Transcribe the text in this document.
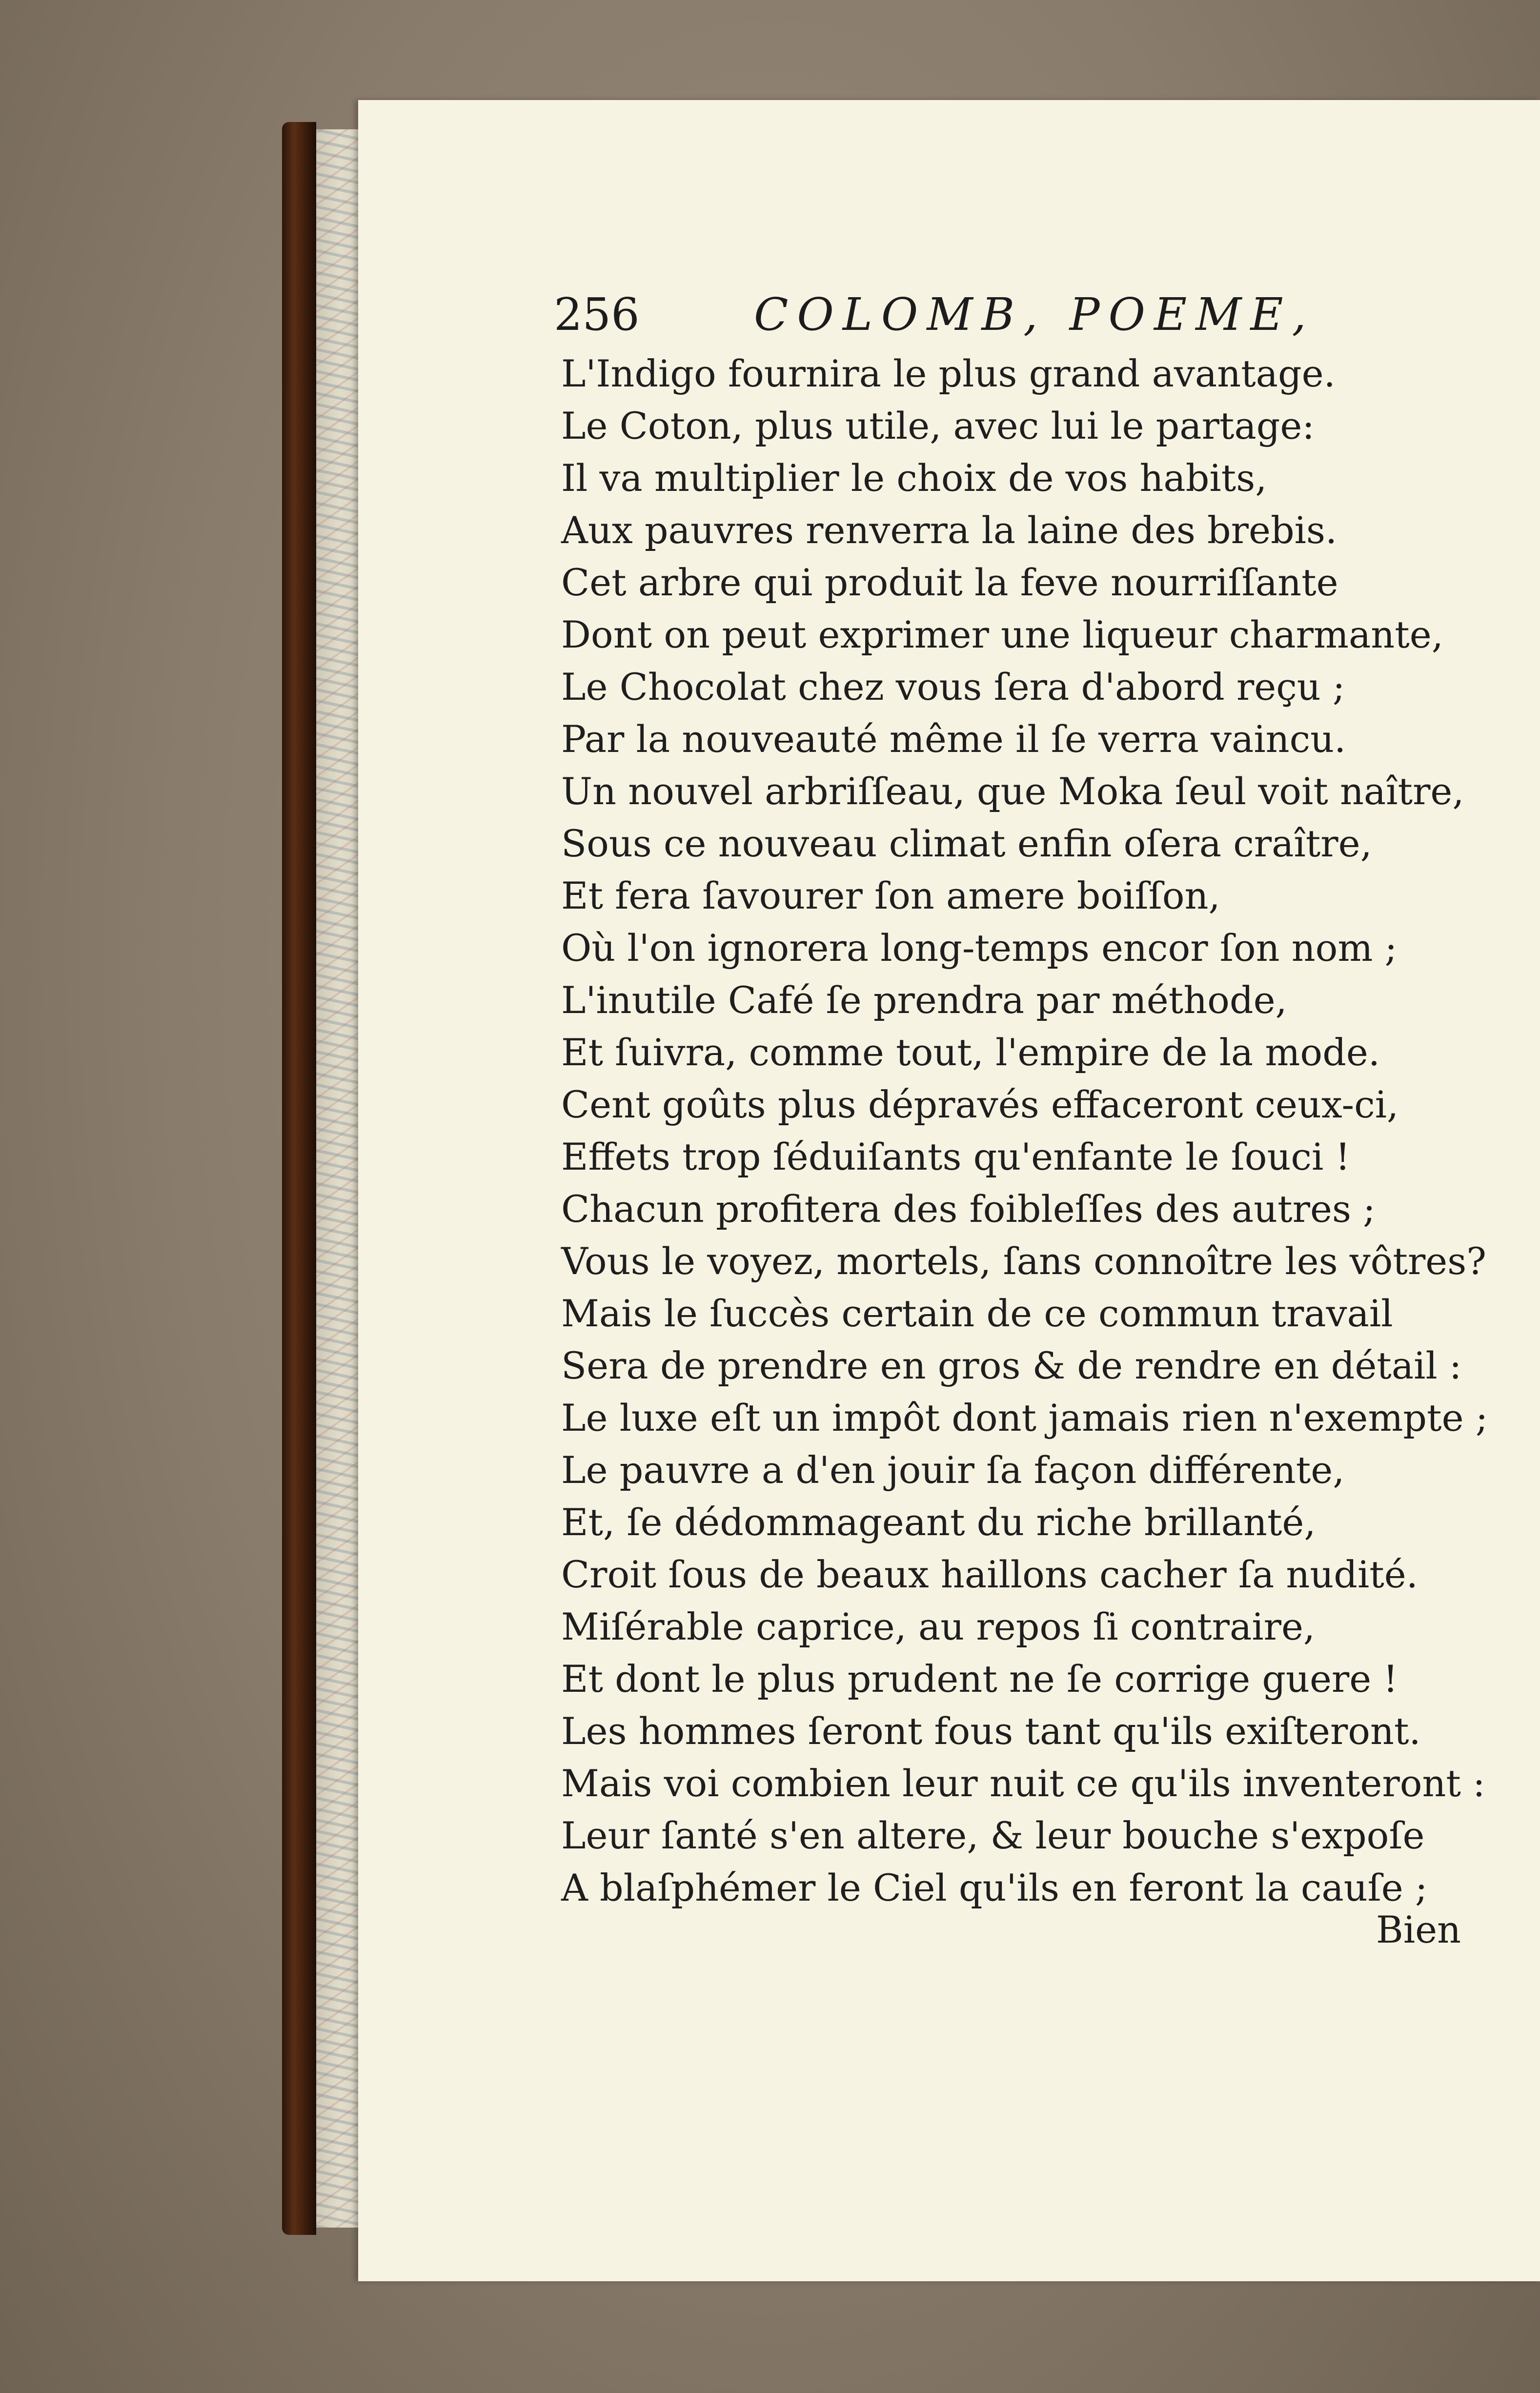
256	COLOMB, POEME,
L'Indigo fournira le plus grand avantage.
Le Coton, plus utile, avec lui le partage:
Il va multiplier le choix de vos habits,
Aux pauvres renverra la laine des brebis.
Cet arbre qui produit la feve nourriſſante
Dont on peut exprimer une liqueur charmante,
Le Chocolat chez vous ſera d'abord reçu ;
Par la nouveauté même il ſe verra vaincu.
Un nouvel arbriſſeau, que Moka ſeul voit naître,
Sous ce nouveau climat enfin oſera craître,
Et fera ſavourer ſon amere boiſſon,
Où l'on ignorera long-temps encor ſon nom ;
L'inutile Café ſe prendra par méthode,
Et ſuivra, comme tout, l'empire de la mode.
Cent goûts plus dépravés effaceront ceux-ci,
Effets trop ſéduiſants qu'enfante le ſouci !
Chacun profitera des foibleſſes des autres ;
Vous le voyez, mortels, ſans connoître les vôtres?
Mais le ſuccès certain de ce commun travail
Sera de prendre en gros & de rendre en détail :
Le luxe eſt un impôt dont jamais rien n'exempte ;
Le pauvre a d'en jouir ſa façon différente,
Et, ſe dédommageant du riche brillanté,
Croit ſous de beaux haillons cacher ſa nudité.
Miſérable caprice, au repos ſi contraire,
Et dont le plus prudent ne ſe corrige guere !
Les hommes ſeront fous tant qu'ils exiſteront.
Mais voi combien leur nuit ce qu'ils inventeront :
Leur ſanté s'en altere, & leur bouche s'expoſe
A blaſphémer le Ciel qu'ils en feront la cauſe ;
Bien
